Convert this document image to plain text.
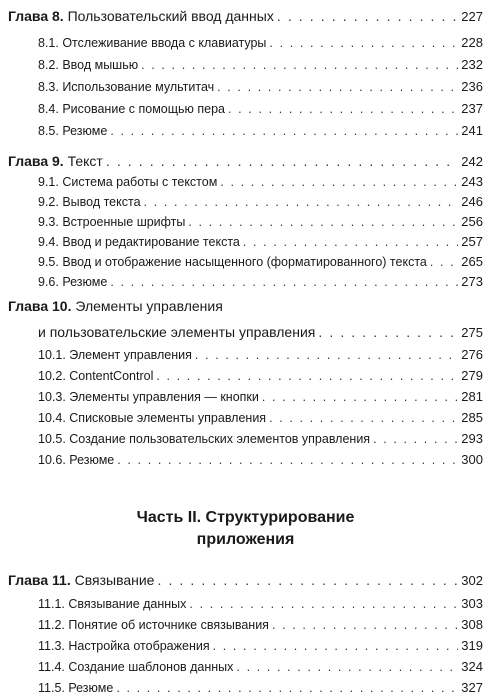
Глава 8. Пользовательский ввод данных . . .	227
8.1. Отслеживание ввода с клавиатуры . . .	228
8.2. Ввод мышью . . .	232
8.3. Использование мультитач . . .	236
8.4. Рисование с помощью пера . . .	237
8.5. Резюме . . .	241
Глава 9. Текст . . .	242
9.1. Система работы с текстом . . .	243
9.2. Вывод текста . . .	246
9.3. Встроенные шрифты . . .	256
9.4. Ввод и редактирование текста . . .	257
9.5. Ввод и отображение насыщенного (форматированного) текста . . .	265
9.6. Резюме . . .	273
Глава 10. Элементы управления
и пользовательские элементы управления . . .	275
10.1. Элемент управления . . .	276
10.2. ContentControl . . .	279
10.3. Элементы управления — кнопки . . .	281
10.4. Списковые элементы управления . . .	285
10.5. Создание пользовательских элементов управления . . .	293
10.6. Резюме . . .	300
Часть II. Структурирование
приложения
Глава 11. Связывание . . .	302
11.1. Связывание данных . . .	303
11.2. Понятие об источнике связывания . . .	308
11.3. Настройка отображения . . .	319
11.4. Создание шаблонов данных . . .	324
11.5. Резюме . . .	327
